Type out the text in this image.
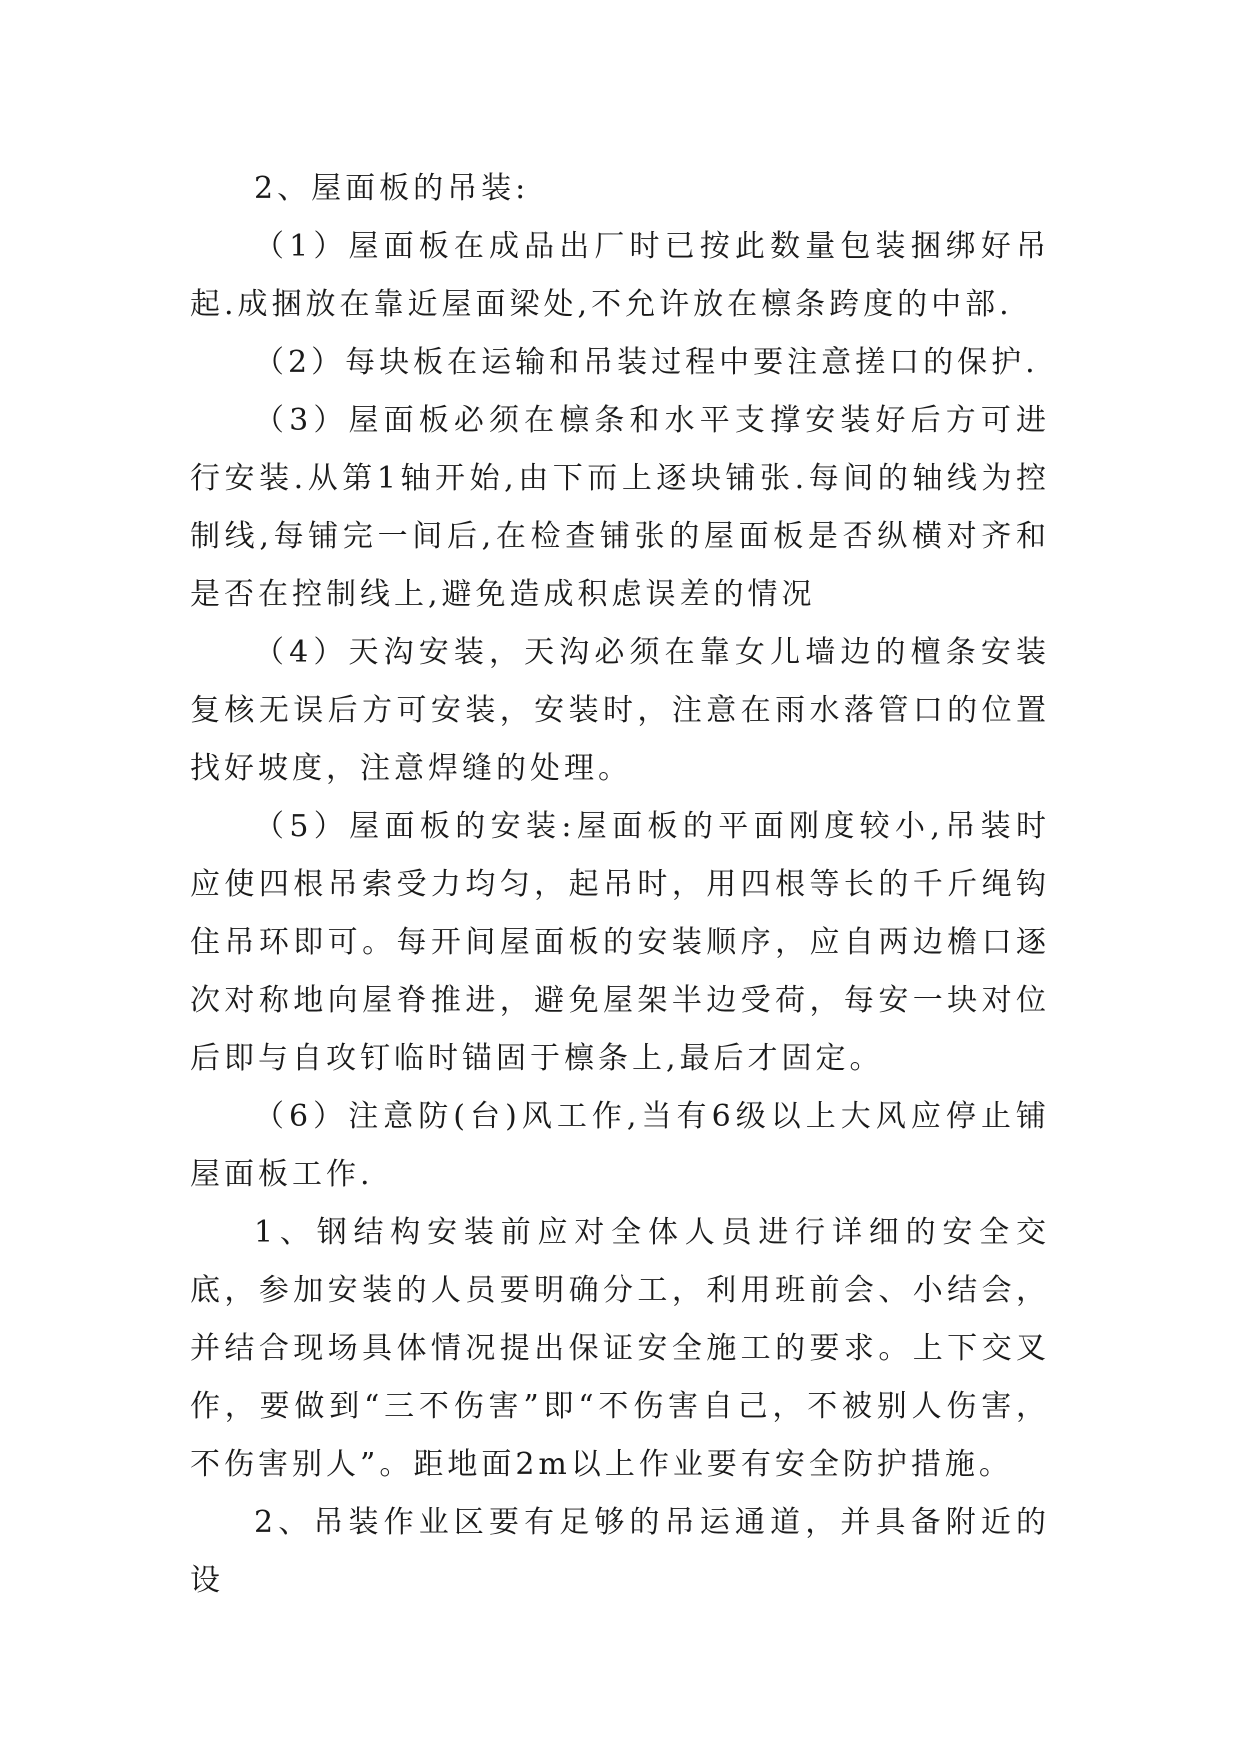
2、屋面板的吊装:

（1）屋面板在成品出厂时已按此数量包装捆绑好吊起.成捆放在靠近屋面梁处,不允许放在檩条跨度的中部.

（2）每块板在运输和吊装过程中要注意搓口的保护.

（3）屋面板必须在檩条和水平支撑安装好后方可进行安装.从第1轴开始,由下而上逐块铺张.每间的轴线为控制线,每铺完一间后,在检查铺张的屋面板是否纵横对齐和是否在控制线上,避免造成积虑误差的情况

（4）天沟安装，天沟必须在靠女儿墙边的檀条安装复核无误后方可安装，安装时，注意在雨水落管口的位置找好坡度，注意焊缝的处理。

（5）屋面板的安装:屋面板的平面刚度较小,吊装时应使四根吊索受力均匀，起吊时，用四根等长的千斤绳钩住吊环即可。每开间屋面板的安装顺序，应自两边檐口逐次对称地向屋脊推进，避免屋架半边受荷，每安一块对位后即与自攻钉临时锚固于檩条上,最后才固定。

（6）注意防(台)风工作,当有6级以上大风应停止铺屋面板工作.

1、钢结构安装前应对全体人员进行详细的安全交底，参加安装的人员要明确分工，利用班前会、小结会，并结合现场具体情况提出保证安全施工的要求。上下交叉作，要做到“三不伤害”即“不伤害自己，不被别人伤害，不伤害别人”。距地面2m以上作业要有安全防护措施。

2、吊装作业区要有足够的吊运通道，并具备附近的设
